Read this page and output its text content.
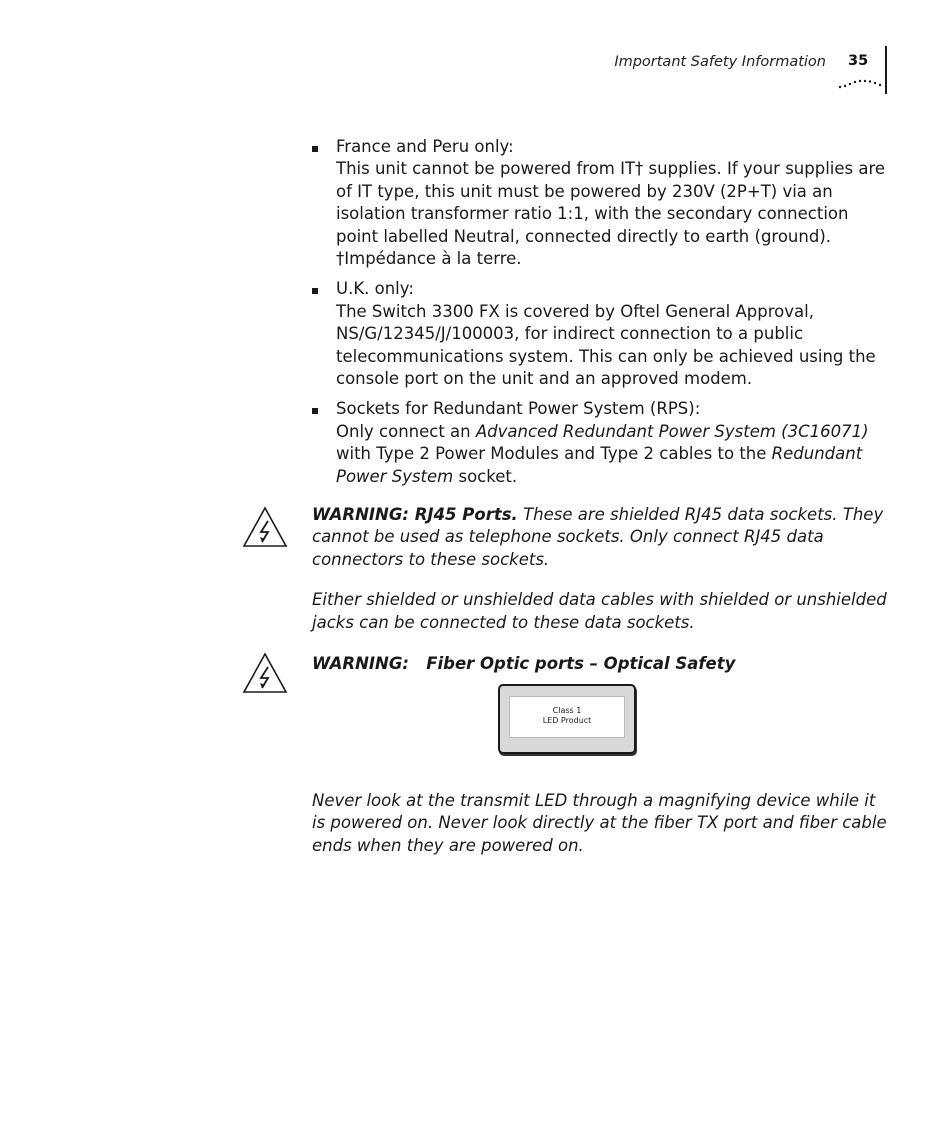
Important Safety Information 35

France and Peru only:

This unit cannot be powered from IT† supplies. If your supplies are of IT type, this unit must be powered by 230V (2P+T) via an isolation transformer ratio 1:1, with the secondary connection point labelled Neutral, connected directly to earth (ground).

†Impédance à la terre.

U.K. only:

The Switch 3300 FX is covered by Oftel General Approval, NS/G/12345/J/100003, for indirect connection to a public telecommunications system. This can only be achieved using the console port on the unit and an approved modem.

Sockets for Redundant Power System (RPS):

Only connect an Advanced Redundant Power System (3C16071) with Type 2 Power Modules and Type 2 cables to the Redundant Power System socket.

WARNING: RJ45 Ports. These are shielded RJ45 data sockets. They cannot be used as telephone sockets. Only connect RJ45 data connectors to these sockets.

Either shielded or unshielded data cables with shielded or unshielded jacks can be connected to these data sockets.

WARNING:   Fiber Optic ports – Optical Safety

Class 1
LED Product

Never look at the transmit LED through a magnifying device while it is powered on. Never look directly at the fiber TX port and fiber cable ends when they are powered on.
